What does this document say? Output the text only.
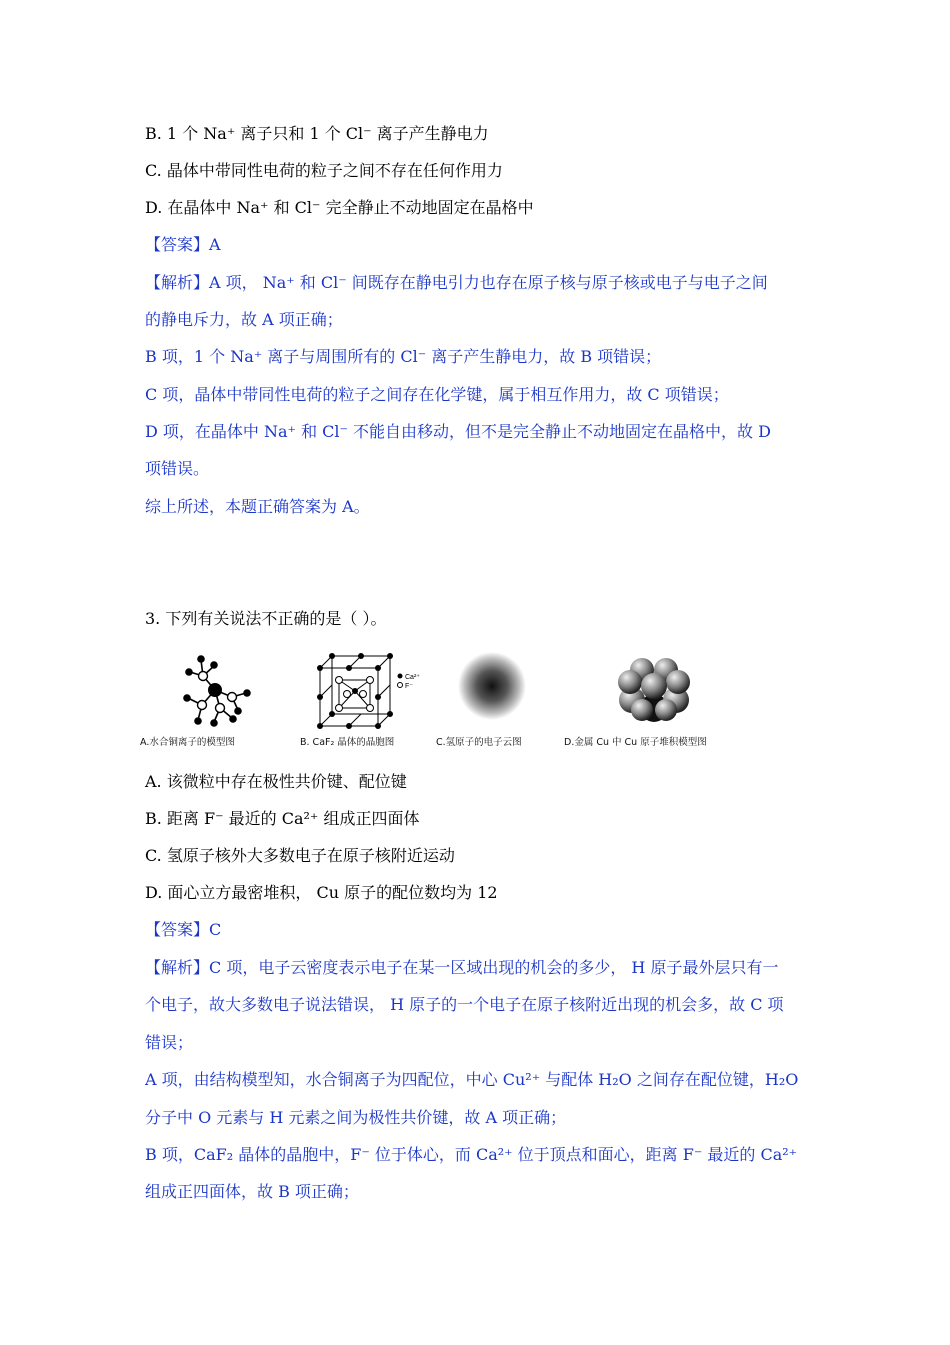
B. 1 个 Na⁺ 离子只和 1 个 Cl⁻ 离子产生静电力
C. 晶体中带同性电荷的粒子之间不存在任何作用力
D. 在晶体中 Na⁺ 和 Cl⁻ 完全静止不动地固定在晶格中
【答案】A
【解析】A 项， Na⁺ 和 Cl⁻ 间既存在静电引力也存在原子核与原子核或电子与电子之间
的静电斥力，故 A 项正确；
B 项，1 个 Na⁺ 离子与周围所有的 Cl⁻ 离子产生静电力，故 B 项错误；
C 项，晶体中带同性电荷的粒子之间存在化学键，属于相互作用力，故 C 项错误；
D 项，在晶体中 Na⁺ 和 Cl⁻ 不能自由移动，但不是完全静止不动地固定在晶格中，故 D
项错误。
综上所述，本题正确答案为 A。
3. 下列有关说法不正确的是（ ）。
A.水合铜离子的模型图
Ca²⁺
F⁻
B. CaF₂ 晶体的晶胞图	C.氢原子的电子云图	D.金属 Cu 中 Cu 原子堆积模型图
A. 该微粒中存在极性共价键、配位键
B. 距离 F⁻ 最近的 Ca²⁺ 组成正四面体
C. 氢原子核外大多数电子在原子核附近运动
D. 面心立方最密堆积， Cu 原子的配位数均为 12
【答案】C
【解析】C 项，电子云密度表示电子在某一区域出现的机会的多少， H 原子最外层只有一
个电子，故大多数电子说法错误， H 原子的一个电子在原子核附近出现的机会多，故 C 项
错误；
A 项，由结构模型知，水合铜离子为四配位，中心 Cu²⁺ 与配体 H₂O 之间存在配位键，H₂O
分子中 O 元素与 H 元素之间为极性共价键，故 A 项正确；
B 项，CaF₂ 晶体的晶胞中，F⁻ 位于体心，而 Ca²⁺ 位于顶点和面心，距离 F⁻ 最近的 Ca²⁺
组成正四面体，故 B 项正确；
